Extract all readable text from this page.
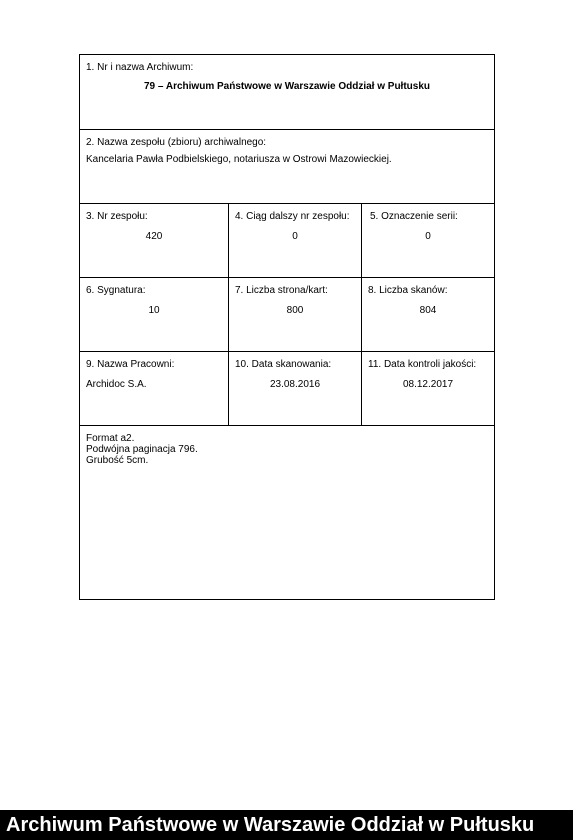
1. Nr i nazwa Archiwum:
79 – Archiwum Państwowe w Warszawie Oddział w Pułtusku
2. Nazwa zespołu (zbioru) archiwalnego:
Kancelaria Pawła Podbielskiego, notariusza w Ostrowi Mazowieckiej.
3. Nr zespołu:
420
4. Ciąg dalszy nr zespołu:
0
5. Oznaczenie serii:
0
6. Sygnatura:
10
7. Liczba strona/kart:
800
8. Liczba skanów:
804
9. Nazwa Pracowni:
Archidoc S.A.
10. Data skanowania:
23.08.2016
11. Data kontroli jakości:
08.12.2017
Format a2.
Podwójna paginacja 796.
Grubość 5cm.
Archiwum Państwowe w Warszawie Oddział w Pułtusku
